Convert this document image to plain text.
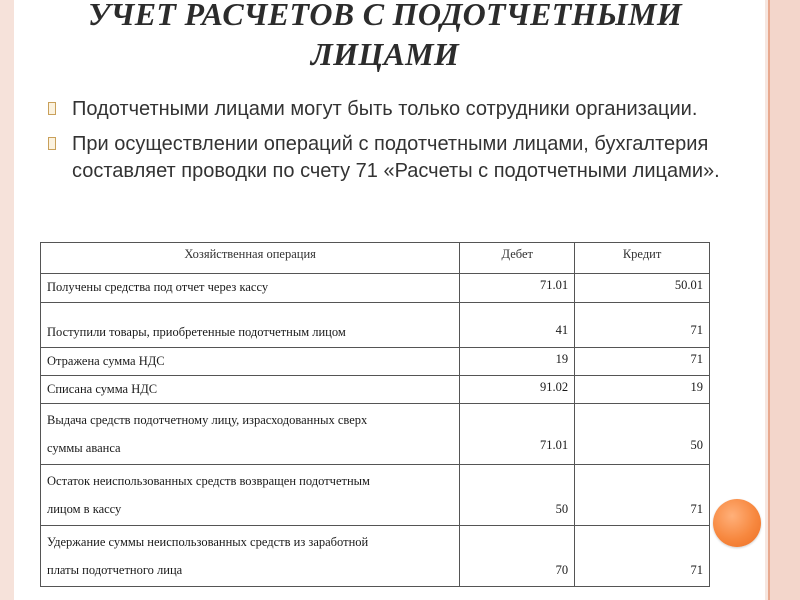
УЧЕТ РАСЧЕТОВ С ПОДОТЧЕТНЫМИ
ЛИЦАМИ
Подотчетными лицами могут быть только сотрудники организации.
При осуществлении операций с подотчетными лицами, бухгалтерия составляет проводки по счету 71 «Расчеты с подотчетными лицами».
Хозяйственная операция	Дебет	Кредит
Получены средства под отчет через кассу	71.01	50.01
Поступили товары, приобретенные подотчетным лицом	41	71
Отражена сумма НДС	19	71
Списана сумма НДС	91.02	19

Выдача средств подотчетному лицу, израсходованных сверх
суммы аванса	71.01	50

Остаток неиспользованных средств возвращен подотчетным
лицом в кассу	50	71

Удержание суммы неиспользованных средств из заработной
платы подотчетного лица	70	71
